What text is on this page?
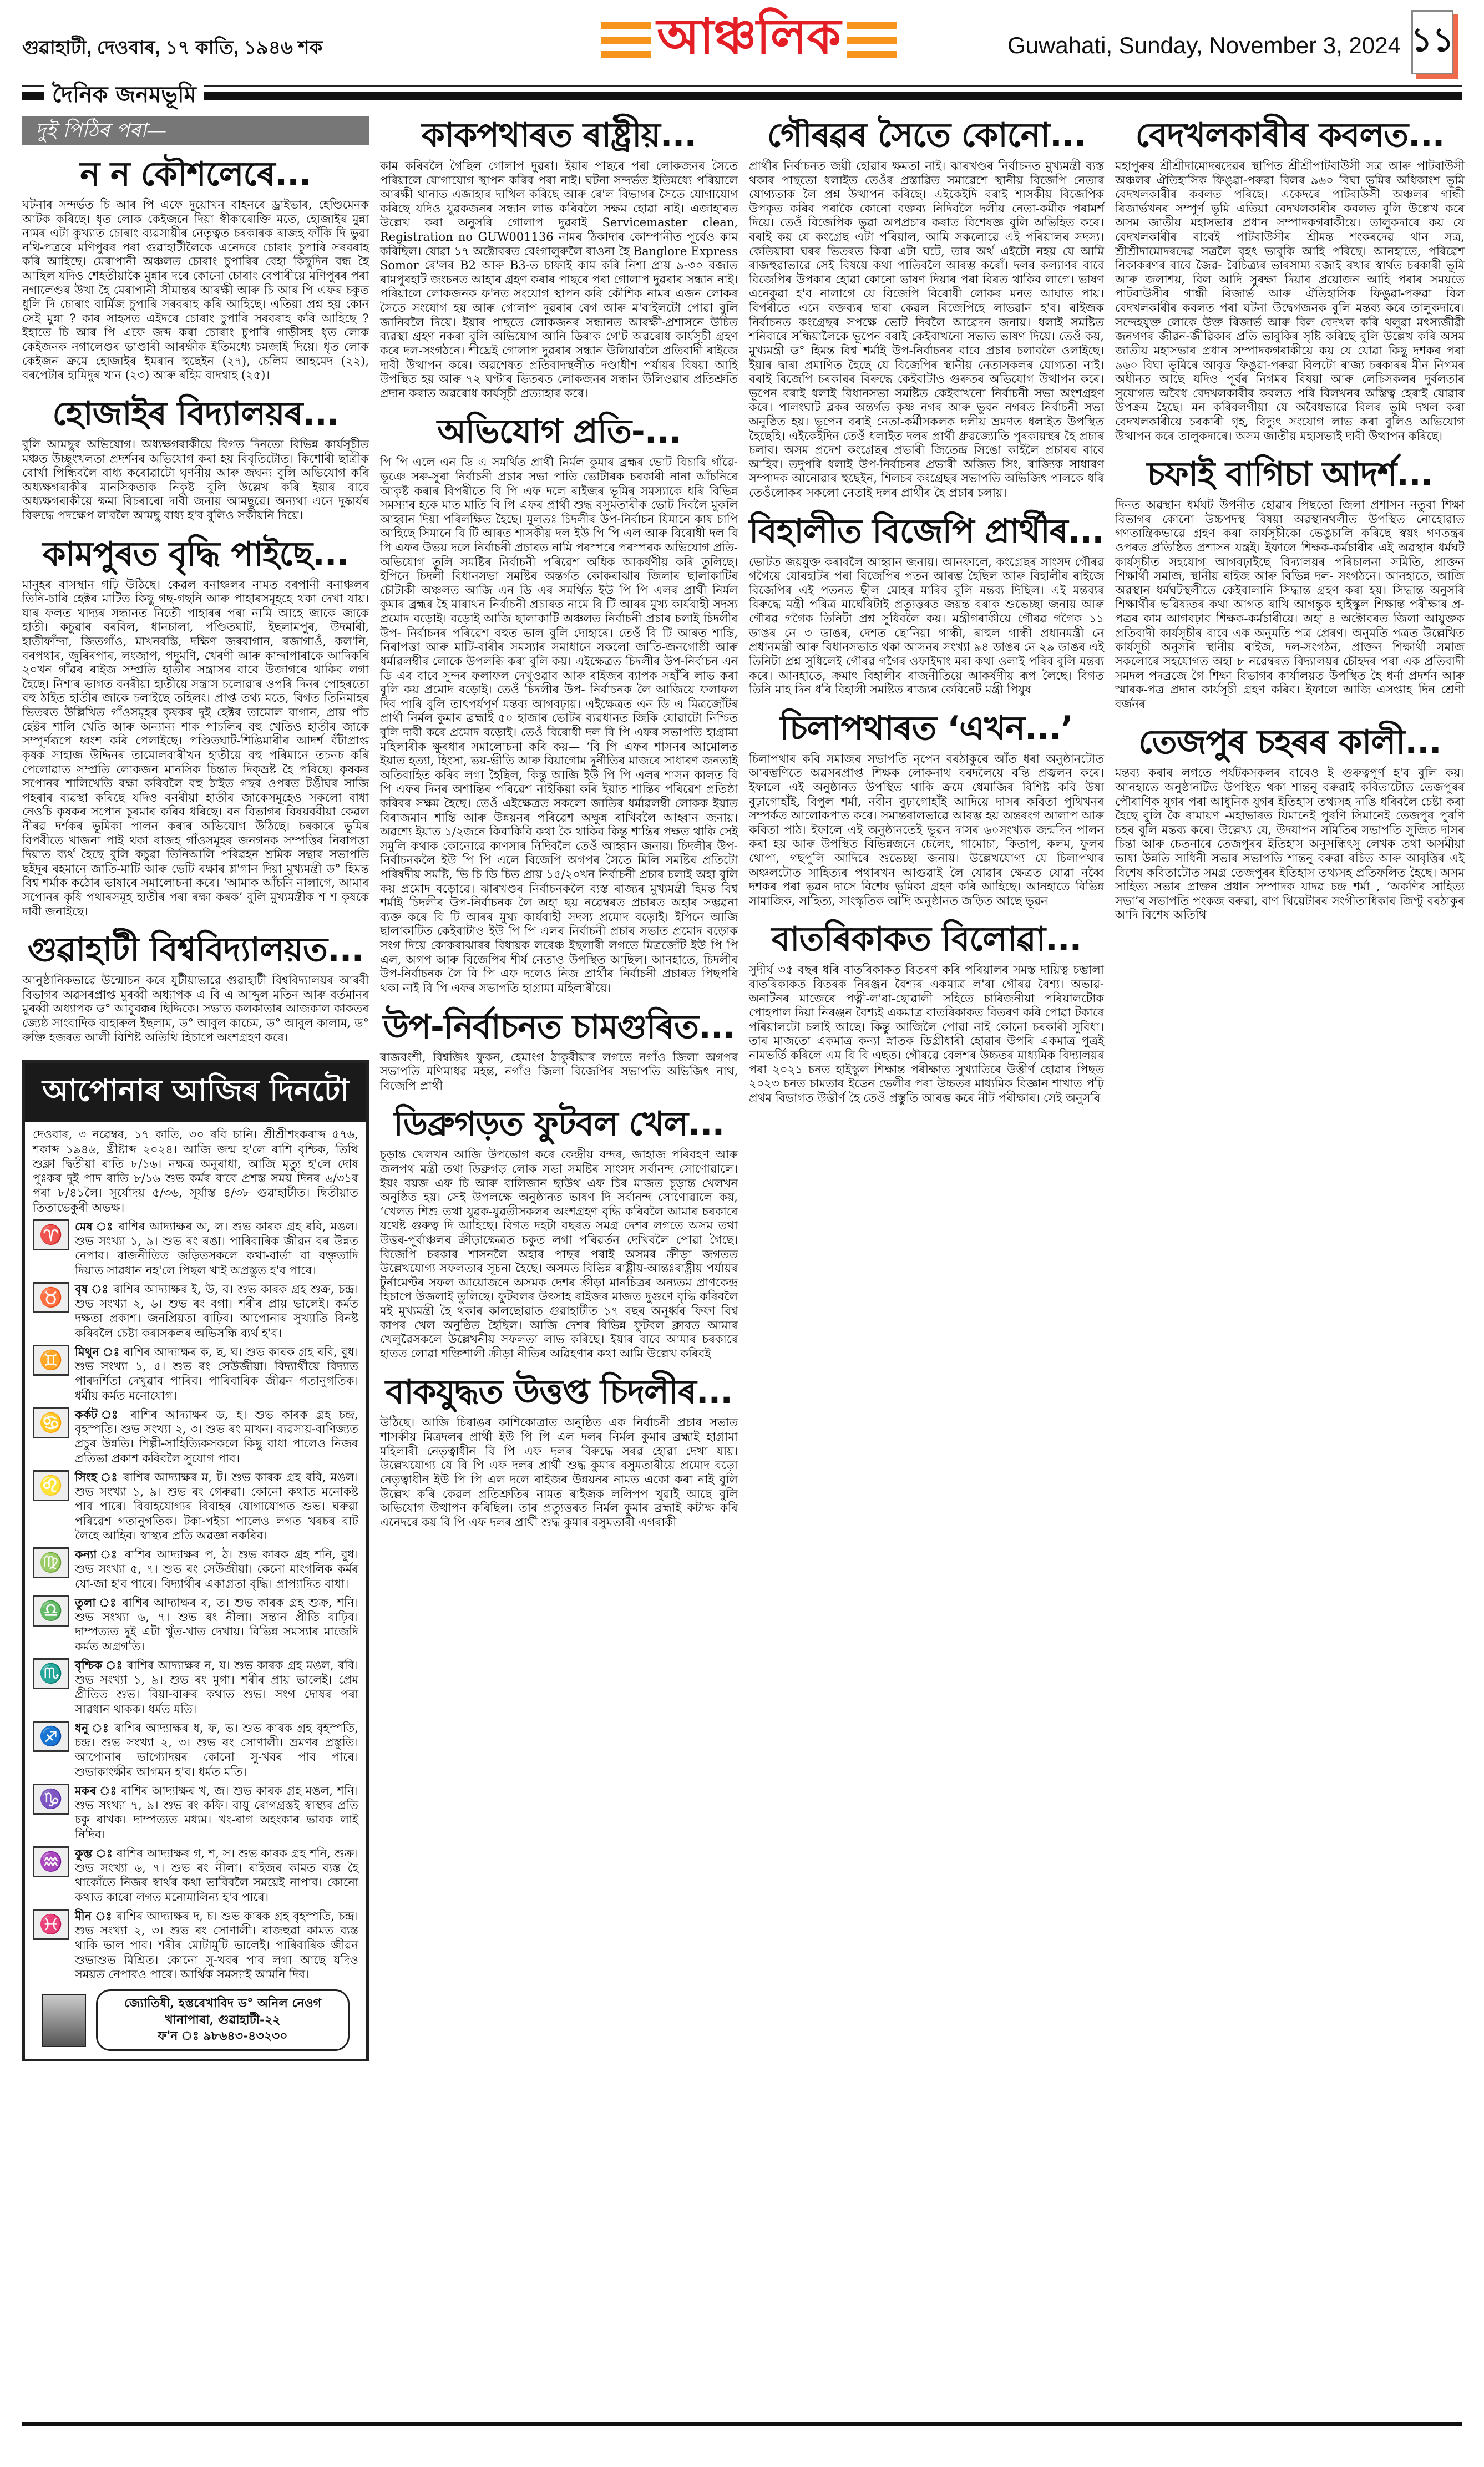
গুৱাহাটী, দেওবাৰ, ১৭ কাতি, ১৯৪৬ শক	আঞ্চলিক	Guwahati, Sunday, November 3, 2024 ১১
দৈনিক জনমভূমি
দুই পিঠিৰ পৰা—
ন ন কৌশলেৰে...

ঘটনাৰ সন্দৰ্ভত চি আৰ পি এফে দুয়োখন বাহনৰে ড্ৰাইভাৰ, হেণ্ডিমেনক আটক কৰিছে। ধৃত লোক কেইজনে দিয়া স্বীকাৰোক্তি মতে, হোজাইৰ মুন্না নামৰ এটা কুখ্যাত চোৰাং ব্যৱসায়ীৰ নেতৃত্বত চৰকাৰক ৰাজহ ফাঁকি দি ভুৱা নথি-পত্ৰৰে মণিপুৰৰ পৰা গুৱাহাটীলৈকে এনেদৰে চোৰাং চুপাৰি সৰবৰাহ কৰি আহিছে। মেৰাপানী অঞ্চলত চোৰাং চুপাৰিৰ বেহা কিছুদিন বন্ধ হৈ আছিল যদিও শেহতীয়াকৈ মুন্নাৰ দৰে কোনো চোৰাং বেপাৰীয়ে মণিপুৰৰ পৰা নগালেণ্ডৰ উখা হৈ মেৰাপানী সীমান্তৰ আৰক্ষী আৰু চি আৰ পি এফৰ চকুত ধুলি দি চোৰাং বাৰ্মিজ চুপাৰি সৰবৰাহ কৰি আহিছে। এতিয়া প্ৰশ্ন হয় কোন সেই মুন্না ? কাৰ সাহসত এইদৰে চোৰাং চুপাৰি সৰবৰাহ কৰি আহিছে ? ইহাতে চি আৰ পি এফে জব্দ কৰা চোৰাং চুপাৰি গাড়ীসহ ধৃত লোক কেইজনক নগালেণ্ডৰ ভাণ্ডাৰী আৰক্ষীক ইতিমধ্যে চমজাই দিয়ে। ধৃত লোক কেইজন ক্ৰমে হোজাইৰ ইমৰান হুছেইন (২৭), চেলিম আহমেদ (২২), বৰপেটাৰ হামিদুৰ খান (২৩) আৰু ৰহিম বাদশ্বাহ (২৫)।

হোজাইৰ বিদ্যালয়ৰ...

বুলি আমছুৰ অভিযোগ। অধ্যক্ষগৰাকীয়ে বিগত দিনতো বিভিন্ন কাৰ্যসূচীত মঞ্চত উচ্ছৃংখলতা প্ৰদৰ্শনৰ অভিযোগ কৰা হয় বিবৃতিটোত। কিশোৰী ছাত্ৰীক বোৰ্খা পিন্ধিবলৈ বাধ্য কৰোৱাটো ঘৃণনীয় আৰু জঘন্য বুলি অভিযোগ কৰি অধ্যক্ষগৰাকীৰ মানসিকতাক নিকৃষ্ট বুলি উল্লেখ কৰি ইয়াৰ বাবে অধ্যক্ষগৰাকীয়ে ক্ষমা বিচৰাৰো দাবী জনায় আমছুৱে। অন্যথা এনে দুষ্কাৰ্যৰ বিৰুদ্ধে পদক্ষেপ ল'বলৈ আমছু বাধ্য হ'ব বুলিও সকীয়নি দিয়ে।

কামপুৰত বৃদ্ধি পাইছে...

মানুহৰ বাসস্থান গঢ়ি উঠিছে। কেৱল বনাঞ্চলৰ নামত বৰপানী বনাঞ্চলৰ তিনি-চাৰি হেক্টৰ মাটিত কিছু গছ-গছনি আৰু পাহাৰসমূহহে থকা দেখা যায়। যাৰ ফলত খাদ্যৰ সন্ধানত নিতৌ পাহাৰৰ পৰা নামি আহে জাকে জাকে হাতী। কচুৱাৰ বৰবিল, ধানচালা, পণ্ডিতঘাট, ইছলামপুৰ, উদমাৰী, হাতীফাঁন্দা, জিতগাঁও, মাখনবস্তি, দক্ষিণ জৰবাগান, ৰজাগাওঁ, কল'নি, বৰপথাৰ, জুৰিৰপাৰ, লংজাপ, পদুমণি, খেৰণী আৰু কান্দাপাৰাকে আদিকৰি ২০খন গাঁৱৰ ৰাইজ সম্প্ৰতি হাতীৰ সন্ত্ৰাসৰ বাবে উজাগৰে থাকিব লগা হৈছে। নিশাৰ ভাগত বনৰীয়া হাতীয়ে সন্ত্ৰাস চলোৱাৰ ওপৰি দিনৰ পোহৰতো বহু ঠাইত হাতীৰ জাকে চলাইছে তহিলং। প্ৰাপ্ত তথ্য মতে, বিগত তিনিমাহৰ ভিতৰত উল্লিখিত গাঁওসমূহৰ কৃষকৰ দুই হেক্টৰ তামোল বাগান, প্ৰায় পাঁচ হেক্টৰ শালি খেতি আৰু অন্যান্য শাক পাচলিৰ বহু খেতিও হাতীৰ জাকে সম্পূৰ্ণৰূপে ধ্বংশ কৰি পেলাইছে। পণ্ডিতঘাট-শিঙিমাৰীৰ আদৰ্শ বঁটাপ্ৰাপ্ত কৃষক সাহাজ উদ্দিনৰ তামোলবাৰীখন হাতীয়ে বহু পৰিমানে তচনচ কৰি পেলোৱাত সম্প্ৰতি লোকজন মানসিক চিন্তাত দিক্‌ভ্ৰষ্ট হৈ পৰিছে। কৃষকৰ সপোনৰ শালিখেতি ৰক্ষা কৰিবলৈ বহু ঠাইত গছৰ ওপৰত টঙীঘৰ সাজি পহৰাৰ ব্যৱস্থা কৰিছে যদিও বনৰীয়া হাতীৰ জাকেসমূহেও সকলো বাধা নেওচি কৃষকৰ সপোন চূৰমাৰ কৰিব ধৰিছে। বন বিভাগৰ বিষয়ববীয়া কেৱল নীৰৱ দৰ্শকৰ ভূমিকা পালন কৰাৰ অভিযোগ উঠিছে। চৰকাৰে ভূমিৰ বিপৰীতে খাজনা পাই থকা ৰাজহ গাঁওসমূহৰ জনগনক সম্পত্তিৰ নিৰাপত্তা দিয়াত ব্যৰ্থ হৈছে বুলি কচুৱা তিনিআলি পৰিৱহন শ্ৰমিক সন্থাৰ সভাপতি ছইদুৰ ৰহমানে জাতি-মাটি আৰু ভেটি ৰক্ষাৰ শ্ল'গান দিয়া মুখ্যমন্ত্ৰী ড° হিমন্ত বিশ্ব শৰ্মাক কঠোৰ ভাষাৰে সমালোচনা কৰে। ‘আমাক আঁচনি নালাগে, আমাৰ সপোনৰ কৃষি পথাৰসমূহ হাতীৰ পৰা ৰক্ষা কৰক’ বুলি মুখ্যমন্ত্ৰীক শ শ কৃষকে দাবী জনাইছে।

গুৱাহাটী বিশ্ববিদ্যালয়ত...

আনুষ্ঠানিকভাৱে উন্মোচন কৰে যুটীয়াভাৱে গুৱাহাটী বিশ্ববিদ্যালয়ৰ আৰবী বিভাগৰ অৱসৰপ্ৰাপ্ত মুৰব্বী অধ্যাপক এ বি এ আব্দুল মতিন আৰু বৰ্তমানৰ মুৰব্বী অধ্যাপক ড° আবুবক্কৰ ছিদ্দিকে। সভাত কলকাতাৰ আজকাল কাকতৰ জ্যেষ্ঠ সাংবাদিক বাহাৰুল ইছলাম, ড° আবুল কাচেম, ড° আবুল কালাম, ড° ৰুক্তি হজৰত আলী বিশিষ্ট অতিথি হিচাপে অংশগ্ৰহণ কৰে।

আপোনাৰ আজিৰ দিনটো

দেওবাৰ, ৩ নৱেম্বৰ, ১৭ কাতি, ৩০ ৰবি চানি। শ্ৰীশ্ৰীশংকৰাব্দ ৫৭৬, শকাব্দ ১৯৪৬, খ্ৰীষ্টাব্দ ২০২৪। আজি জন্ম হ'লে ৰাশি বৃশ্চিক, তিথি শুক্লা দ্বিতীয়া ৰাতি ৮/১৬। নক্ষত্ৰ অনুৰাধা, আজি মৃত্যু হ'লে দোষ পুঃকৰ দুই পাদ ৰাতি ৮/১৬ শুভ কৰ্মৰ বাবে প্ৰশস্ত সময় দিনৰ ৬/৩১ৰ পৰা ৮/৪১লৈ। সূৰ্যোদয় ৫/৩৬, সূৰ্যাস্ত ৪/৩৮ গুৱাহাটীত। দ্বিতীয়াত তিতাভেকুৰী অভক্ষ।

♈	মেষ ঃ ৰাশিৰ আদ্যাক্ষৰ অ, ল। শুভ কাৰক গ্ৰহ ৰবি, মঙল। শুভ সংখ্যা ১, ৯। শুভ ৰং ৰঙা। পাৰিবাৰিক জীৱন বৰ উন্নত নেপাব। ৰাজনীতিত জড়িতসকলে কথা-বাৰ্তা বা বক্তৃতাদি দিয়াত সাৱধান নহ'লে পিছল খাই অপ্ৰস্তুত হ'ব পাৰে।

♉	বৃষ ঃ ৰাশিৰ আদ্যাক্ষৰ ই, উ, ব। শুভ কাৰক গ্ৰহ শুক্ৰ, চন্দ্ৰ। শুভ সংখ্যা ২, ৬। শুভ ৰং বগা। শৰীৰ প্ৰায় ভালেই। কৰ্মত দক্ষতা প্ৰকাশ। জনপ্ৰিয়তা বাঢ়িব। আপোনাৰ সুখ্যাতি বিনষ্ট কৰিবলৈ চেষ্টা কৰাসকলৰ অভিসন্ধি ব্যৰ্থ হ'ব।

♊	মিথুন ঃ ৰাশিৰ আদ্যাক্ষৰ ক, ছ, ঘ। শুভ কাৰক গ্ৰহ ৰবি, বুধ। শুভ সংখ্যা ১, ৫। শুভ ৰং সেউজীয়া। বিদ্যাৰ্থীয়ে বিদ্যাত পাৰদৰ্শিতা দেখুৱাব পাৰিব। পাৰিবাৰিক জীৱন গতানুগতিক। ধৰ্মীয় কৰ্মত মনোযোগ।

♋	কৰ্কট ঃ ৰাশিৰ আদ্যাক্ষৰ ড, হ। শুভ কাৰক গ্ৰহ চন্দ্ৰ, বৃহস্পতি। শুভ সংখ্যা ২, ৩। শুভ ৰং মাখন। ব্যৱসায়-বাণিজ্যত প্ৰচুৰ উন্নতি। শিল্পী-সাহিত্যিকসকলে কিছু বাধা পালেও নিজৰ প্ৰতিভা প্ৰকাশ কৰিবলৈ সুযোগ পাব।

♌	সিংহ ঃ ৰাশিৰ আদ্যাক্ষৰ ম, ট। শুভ কাৰক গ্ৰহ ৰবি, মঙল। শুভ সংখ্যা ১, ৯। শুভ ৰং গেৰুৱা। কোনো কথাত মনোকষ্ট পাব পাৰে। বিবাহযোগ্যৰ বিবাহৰ যোগাযোগত শুভ। ঘৰুৱা পৰিৱেশ গতানুগতিক। টকা-পইচা পালেও লগত খৰচৰ বাট লৈহে আহিব। স্বাস্থ্যৰ প্ৰতি অৱজ্ঞা নকৰিব।

♍	কন্যা ঃ ৰাশিৰ আদ্যাক্ষৰ প, ঠ। শুভ কাৰক গ্ৰহ শনি, বুধ। শুভ সংখ্যা ৫, ৭। শুভ ৰং সেউজীয়া। কেনো মাংগলিক কৰ্মৰ যো-জা হ'ব পাৰে। বিদ্যাৰ্থীৰ একাগ্ৰতা বৃদ্ধি। প্ৰাপ্যাদিত বাধা।

♎	তুলা ঃ ৰাশিৰ আদ্যাক্ষৰ ৰ, ত। শুভ কাৰক গ্ৰহ শুক্ৰ, শনি। শুভ সংখ্যা ৬, ৭। শুভ ৰং নীলা। সন্তান প্ৰীতি বাঢ়িব। দাম্পত্যত দুই এটা খুঁত-খাত দেখায়। বিভিন্ন সমস্যাৰ মাজেদি কৰ্মত অগ্ৰগতি।

♏	বৃশ্চিক ঃ ৰাশিৰ আদ্যাক্ষৰ ন, য। শুভ কাৰক গ্ৰহ মঙল, ৰবি। শুভ সংখ্যা ১, ৯। শুভ ৰং মুগা। শৰীৰ প্ৰায় ভালেই। প্ৰেম প্ৰীতিত শুভ। বিয়া-বাৰুৰ কথাত শুভ। সংগ দোষৰ পৰা সাৱধান থাকক। ধৰ্মত মতি।

♐	ধনু ঃ ৰাশিৰ আদ্যাক্ষৰ ধ, ফ, ভ। শুভ কাৰক গ্ৰহ বৃহস্পতি, চন্দ্ৰ। শুভ সংখ্যা ২, ৩। শুভ ৰং সোণালী। ভ্ৰমণৰ প্ৰস্তুতি। আপোনাৰ ভাগ্যোদয়ৰ কোনো সু-খবৰ পাব পাৰে। শুভাকাংক্ষীৰ আগমন হ'ব। ধৰ্মত মতি।

♑	মকৰ ঃ ৰাশিৰ আদ্যাক্ষৰ খ, জ। শুভ কাৰক গ্ৰহ মঙল, শনি। শুভ সংখ্যা ৭, ৯। শুভ ৰং কফি। বায়ু ৰোগগ্ৰস্তই স্বাস্থ্যৰ প্ৰতি চকু ৰাখক। দাম্পত্যত মধ্যম। খং-ৰাগ অহংকাৰ ভাবক লাই নিদিব।

♒	কুম্ভ ঃ ৰাশিৰ আদ্যাক্ষৰ গ, শ, স। শুভ কাৰক গ্ৰহ শনি, শুক্ৰ। শুভ সংখ্যা ৬, ৭। শুভ ৰং নীলা। ৰাইজৰ কামত ব্যস্ত হৈ থাকোঁতে নিজৰ স্বাৰ্থৰ কথা ভাবিবলৈ সময়েই নাপাব। কোনো কথাত কাৰো লগত মনোমালিন্য হ'ব পাৰে।

♓	মীন ঃ ৰাশিৰ আদ্যাক্ষৰ দ, চ। শুভ কাৰক গ্ৰহ বৃহস্পতি, চন্দ্ৰ। শুভ সংখ্যা ২, ৩। শুভ ৰং সোণালী। ৰাজহুৱা কামত ব্যস্ত থাকি ভাল পাব। শৰীৰ মোটামুটি ভালেই। পাৰিবাৰিক জীৱন শুভাশুভ মিশ্ৰিত। কোনো সু-খবৰ পাব লগা আছে যদিও সময়ত নেপাবও পাৰে। আৰ্থিক সমস্যাই আমনি দিব।

জ্যোতিষী, হস্তৰেখাবিদ ড° অনিল নেওগ
খানাপাৰা, গুৱাহাটী-২২
ফ'ন ঃ ৯৮৬৪৩-৪৩২৩০
কাকপথাৰত ৰাষ্ট্ৰীয়...

কাম কৰিবলৈ গৈছিল গোলাপ দুৱৰা। ইয়াৰ পাছৰে পৰা লোকজনৰ সৈতে পৰিয়ালে যোগাযোগ স্থাপন কৰিব পৰা নাই। ঘটনা সন্দৰ্ভত ইতিমধ্যে পৰিয়ালে আৰক্ষী থানাত এজাহাৰ দাখিল কৰিছে আৰু ৰে'ল বিভাগৰ সৈতে যোগাযোগ কৰিছে যদিও যুৱকজনৰ সন্ধান লাভ কৰিবলৈ সক্ষম হোৱা নাই। এজাহাৰত উল্লেখ কৰা অনুসৰি গোলাপ দুৱৰাই Servicemaster clean, Registration no GUW001136 নামৰ ঠিকাদাৰ কোম্পানীত পূৰ্বেও কাম কৰিছিল। যোৱা ১৭ অক্টোবৰত বেংগালুৰুলৈ ৰাওনা হৈ Banglore Express Somor ৰে'লৰ B2 আৰু B3-ত চাফাই কাম কৰি নিশা প্ৰায় ৯-৩০ বজাত ৰামপুৰহাট জংচনত আহাৰ গ্ৰহণ কৰাৰ পাছৰে পৰা গোলাপ দুৱৰাৰ সন্ধান নাই। পৰিয়ালে লোকজনক ফ'নত সংযোগ স্থাপন কৰি কৌশিক নামৰ এজন লোকৰ সৈতে সংযোগ হয় আৰু গোলাপ দুৱৰাৰ বেগ আৰু ম'বাইলটো পোৱা বুলি জানিবলৈ দিয়ে। ইয়াৰ পাছতে লোকজনৰ সন্ধানত আৰক্ষী-প্ৰশাসনে উচিত ব্যৱস্থা গ্ৰহণ নকৰা বুলি অভিযোগ আনি ডিৰাক গে'ট অৱৰোধ কাৰ্যসূচী গ্ৰহণ কৰে দল-সংগঠনে। শীঘ্ৰেই গোলাপ দুৱৰাৰ সন্ধান উলিয়াবলৈ প্ৰতিবাদী ৰাইজে দাবী উত্থাপন কৰে। অৱশেষত প্ৰতিবাদস্থলীত দণ্ডাধীশ পৰ্যায়ৰ বিষয়া আহি উপস্থিত হয় আৰু ৭২ ঘণ্টাৰ ভিতৰত লোকজনৰ সন্ধান উলিওৱাৰ প্ৰতিশ্ৰুতি প্ৰদান কৰাত অৱৰোধ কাৰ্যসূচী প্ৰত্যাহাৰ কৰে।

অভিযোগ প্ৰতি-...

পি পি এলে এন ডি এ সমৰ্থিত প্ৰাৰ্থী নিৰ্মল কুমাৰ ব্ৰহ্মৰ ভোট বিচাৰি গাঁৱে-ভূঞে সৰু-সুৰা নিৰ্বাচনী প্ৰচাৰ সভা পাতি ভোটাৰক চৰকাৰী নানা আঁচনিৰে আকৃষ্ট কৰাৰ বিপৰীতে বি পি এফ দলে ৰাইজৰ ভূমিৰ সমস্যাকে ধৰি বিভিন্ন সমস্যাৰ হকে মাত মাতি বি পি এফৰ প্ৰাৰ্থী শুদ্ধ বসুমতাৰীক ভোট দিবলৈ মুকলি আহ্বান দিয়া পৰিলক্ষিত হৈছে। মুলতঃ চিদলীৰ উপ-নিৰ্বাচন যিমানে কাষ চাপি আহিছে সিমানে বি টি আৰত শাসকীয় দল ইউ পি পি এল আৰু বিৰোধী দল বি পি এফৰ উভয় দলে নিৰ্বাচনী প্ৰচাৰত নামি পৰস্পৰে পৰস্পৰক অভিযোগ প্ৰতি-অভিযোগ তুলি সমষ্টিৰ নিৰ্বাচনী পৰিৱেশ অধিক আকৰ্ষণীয় কৰি তুলিছে। ইপিনে চিদলী বিধানসভা সমষ্টিৰ অন্তৰ্গত কোকৰাঝাৰ জিলাৰ ছালাকাটিৰ চৌটাকী অঞ্চলত আজি এন ডি এৰ সমৰ্থিত ইউ পি পি এলৰ প্ৰাৰ্থী নিৰ্মল কুমাৰ ব্ৰহ্মৰ হৈ মাৰাথন নিৰ্বাচনী প্ৰচাৰত নামে বি টি আৰৰ মুখ্য কাৰ্যবাহী সদস্য প্ৰমোদ বড়োই। বড়োই আজি ছালাকাটি অঞ্চলত নিৰ্বাচনী প্ৰচাৰ চলাই চিদলীৰ উপ- নিৰ্বাচনৰ পৰিৱেশ বহুত ভাল বুলি দোহাৰে। তেওঁ বি টি আৰত শান্তি, নিৰাপত্তা আৰু মাটি-বাৰীৰ সমস্যাৰ সমাধানে সকলো জাতি-জনগোষ্ঠী আৰু ধৰ্মাৱলম্বীৰ লোকে উপলব্ধি কৰা বুলি কয়। এইক্ষেত্ৰত চিদলীৰ উপ-নিৰ্বাচন এন ডি এৰ বাবে সুন্দৰ ফলাফল দেখুওৱাব আৰু ৰাইজৰ ব্যাপক সহাঁৰি লাভ কৰা বুলি কয় প্ৰমোদ বড়োই। তেওঁ চিদলীৰ উপ- নিৰ্বাচনক লৈ আজিয়ে ফলাফল দিব পাৰি বুলি তাৎপৰ্যপূৰ্ণ মন্তব্য আগবঢ়ায়। এইক্ষেত্ৰত এন ডি এ মিত্ৰজোঁটৰ প্ৰাৰ্থী নিৰ্মল কুমাৰ ব্ৰহ্মাই ৫০ হাজাৰ ভোটৰ ব্যৱধানত জিকি যোৱাটো নিশ্চিত বুলি দাবী কৰে প্ৰমোদ বড়োই। তেওঁ বিৰোধী দল বি পি এফৰ সভাপতি হাগ্ৰামা মহিলাৰীক ক্ষুৰধাৰ সমালোচনা কৰি কয়— ‘বি পি এফৰ শাসনৰ আমোলত ইয়াত হত্যা, হিংসা, ভয়-ভীতি আৰু বিয়াগোম দুৰ্নীতিৰ মাজৰে সাধাৰণ জনতাই অতিবাহিত কৰিব লগা হৈছিল, কিন্তু আজি ইউ পি পি এলৰ শাসন কালত বি পি এফৰ দিনৰ অশান্তিৰ পৰিৱেশ নাইকিয়া কৰি ইয়াত শান্তিৰ পৰিৱেশ প্ৰতিষ্ঠা কৰিবৰ সক্ষম হৈছে। তেওঁ এইক্ষেত্ৰত সকলো জাতিৰ ধৰ্মাৱলম্বী লোকক ইয়াত বিৰাজমান শান্তি আৰু উন্নয়নৰ পৰিৱেশ অক্ষুন্ন ৰাখিবলৈ আহ্বান জনায়। অৱশ্যে ইয়াত ১/২জনে কিবাকিবি কথা কৈ থাকিব কিন্তু শান্তিৰ পক্ষত থাকি সেই সমুলি কথাক কোনোৱে কাণসাৰ নিদিবলৈ তেওঁ আহ্বান জনায়। চিদলীৰ উপ-নিৰ্বাচনকলৈ ইউ পি পি এলে বিজেপি অগপৰ সৈতে মিলি সমষ্টিৰ প্ৰতিটো পৰিষদীয় সমষ্টি, ভি চি ডি চিত প্ৰায় ১৫/২০খন নিৰ্বাচনী প্ৰচাৰ চলাই অহা বুলি কয় প্ৰমোদ বড়োৱে। ঝাৰখণ্ডৰ নিৰ্বাচনকলৈ ব্যস্ত ৰাজ্যৰ মুখ্যমন্ত্ৰী হিমন্ত বিশ্ব শৰ্মাই চিদলীৰ উপ-নিৰ্বাচনক লৈ অহা ছয় নৱেম্বৰত প্ৰচাৰত অহাৰ সম্ভৱনা ব্যক্ত কৰে বি টি আৰৰ মুখ্য কাৰ্যবাহী সদস্য প্ৰমোদ বড়োই। ইপিনে আজি ছালাকাটিত কেইবাটাও ইউ পি পি এলৰ নিৰ্বাচনী প্ৰচাৰ সভাত প্ৰমোদ বড়োক সংগ দিয়ে কোকৰাঝাৰৰ বিধায়ক লৰেঞ্চ ইছলাৰী লগতে মিত্ৰজোঁট ইউ পি পি এল, অগপ আৰু বিজেপিৰ শীৰ্ষ নেতাও উপস্থিত আছিল। আনহাতে, চিদলীৰ উপ-নিৰ্বাচনক লৈ বি পি এফ দলেও নিজ প্ৰাৰ্থীৰ নিৰ্বাচনী প্ৰচাৰত পিছপৰি থকা নাই বি পি এফৰ সভাপতি হাগ্ৰামা মহিলাৰীয়ে।

উপ-নিৰ্বাচনত চামগুৰিত...

ৰাজবংশী, বিশ্বজিৎ ফুকন, হেমাংগ ঠাকুৰীয়াৰ লগতে নগাঁও জিলা অগপৰ সভাপতি মণিমাধৱ মহন্ত, নগাঁও জিলা বিজেপিৰ সভাপতি অভিজিৎ নাথ, বিজেপি প্ৰাৰ্থী

ডিব্ৰুগড়ত ফুটবল খেল...

চূড়ান্ত খেলখন আজি উপভোগ কৰে কেন্দ্ৰীয় বন্দৰ, জাহাজ পৰিবহণ আৰু জলপথ মন্ত্ৰী তথা ডিব্ৰুগড় লোক সভা সমষ্টিৰ সাংসদ সৰ্বানন্দ সোণোৱালে। ইয়ং বয়জ এফ চি আৰু বালিজান ছাউথ এফ চিৰ মাজত চূড়ান্ত খেলখন অনুষ্ঠিত হয়। সেই উপলক্ষে অনুষ্ঠানত ভাষণ দি সৰ্বানন্দ সোণোৱালে কয়, ‘খেলত শিশু তথা যুৱক-যুৱতীসকলৰ অংশগ্ৰহণ বৃদ্ধি কৰিবলৈ আমাৰ চৰকাৰে যথেষ্ট গুৰুত্ব দি আহিছে। বিগত দহটা বছৰত সমগ্ৰ দেশৰ লগতে অসম তথা উত্তৰ-পূৰ্বাঞ্চলৰ ক্ৰীড়াক্ষেত্ৰত চকুত লগা পৰিৱৰ্তন দেখিবলৈ পোৱা গৈছে। বিজেপি চৰকাৰ শাসনলৈ অহাৰ পাছৰ পৰাই অসমৰ ক্ৰীড়া জগতত উল্লেখযোগ্য সফলতাৰ সূচনা হৈছে। অসমত বিভিন্ন ৰাষ্ট্ৰীয়-আন্তঃৰাষ্ট্ৰীয় পৰ্যায়ৰ টুৰ্নামেণ্টৰ সফল আয়োজনে অসমক দেশৰ ক্ৰীড়া মানচিত্ৰৰ অন্যতম প্ৰাণকেন্দ্ৰ হিচাপে উজলাই তুলিছে। ফুটবলৰ উৎসাহ ৰাইজৰ মাজত দুগুণে বৃদ্ধি কৰিবলৈ মই মুখ্যমন্ত্ৰী হৈ থকাৰ কালছোৱাত গুৱাহাটীত ১৭ বছৰ অনূৰ্ধ্বৰ ফিফা বিশ্ব কাপৰ খেল অনুষ্ঠিত হৈছিল। আজি দেশৰ বিভিন্ন ফুটবল ক্লাবত আমাৰ খেলুৱৈসকলে উল্লেখনীয় সফলতা লাভ কৰিছে। ইয়াৰ বাবে আমাৰ চৰকাৰে হাতত লোৱা শক্তিশালী ক্ৰীড়া নীতিৰ অৱিহণাৰ কথা আমি উল্লেখ কৰিবই

বাকযুদ্ধত উত্তপ্ত চিদলীৰ...

উঠিছে। আজি চিৰাঙৰ কাশিকোত্ৰাত অনুষ্ঠিত এক নিৰ্বাচনী প্ৰচাৰ সভাত শাসকীয় মিত্ৰদলৰ প্ৰাৰ্থী ইউ পি পি এল দলৰ নিৰ্মল কুমাৰ ব্ৰহ্মাই হাগ্ৰামা মহিলাৰী নেতৃত্বাধীন বি পি এফ দলৰ বিৰুদ্ধে সৰৱ হোৱা দেখা যায়। উল্লেখযোগ্য যে বি পি এফ দলৰ প্ৰাৰ্থী শুদ্ধ কুমাৰ বসুমতাৰীয়ে প্ৰমোদ বড়ো নেতৃত্বাধীন ইউ পি পি এল দলে ৰাইজৰ উন্নয়নৰ নামত একো কৰা নাই বুলি উল্লেখ কৰি কেৱল প্ৰতিশ্ৰুতিৰ নামত ৰাইজক ললিপপ খুৱাই আছে বুলি অভিযোগ উত্থাপন কৰিছিল। তাৰ প্ৰত্যুত্তৰত নিৰ্মল কুমাৰ ব্ৰহ্মাই কটাক্ষ কৰি এনেদৰে কয় বি পি এফ দলৰ প্ৰাৰ্থী শুদ্ধ কুমাৰ বসুমতাৰী এগৰাকী

গৌৰৱৰ সৈতে কোনো...

প্ৰাৰ্থীৰ নিৰ্বাচনত জয়ী হোৱাৰ ক্ষমতা নাই। ঝাৰখণ্ডৰ নিৰ্বাচনত মুখ্যমন্ত্ৰী ব্যস্ত থকাৰ পাছতো ধলাইত তেওঁৰ প্ৰস্তাৱিত সমাৱেশে স্থানীয় বিজেপি নেতাৰ যোগ্যতাক লৈ প্ৰশ্ন উত্থাপন কৰিছে। এইকেইদি বৰাই শাসকীয় বিজেপিক উপকৃত কৰিব পৰাকৈ কোনো বক্তব্য নিদিবলৈ দলীয় নেতা-কৰ্মীক পৰামৰ্শ দিয়ে। তেওঁ বিজেপিক ভুৱা অপপ্ৰচাৰ কৰাত বিশেষজ্ঞ বুলি অভিহিত কৰে। বৰাই কয় যে কংগ্ৰেছ এটা পৰিয়াল, আমি সকলোৱে এই পৰিয়ালৰ সদস্য। কেতিয়াবা ঘৰৰ ভিতৰত কিবা এটা ঘটে, তাৰ অৰ্থ এইটো নহয় যে আমি ৰাজহুৱাভাৱে সেই বিষয়ে কথা পাতিবলৈ আৰম্ভ কৰোঁ। দলৰ কল্যাণৰ বাবে বিজেপিৰ উপকাৰ হোৱা কোনো ভাষণ দিয়াৰ পৰা বিৰত থাকিব লাগে। ভাষণ এনেকুৱা হ'ব নালাগে যে বিজেপি বিৰোধী লোকৰ মনত আঘাত পায়। বিপৰীতে এনে বক্তব্যৰ দ্বাৰা কেৱল বিজেপিহে লাভৱান হ'ব। ৰাইজক নিৰ্বাচনত কংগ্ৰেছৰ সপক্ষে ভোট দিবলৈ আৱেদন জনায়। ধলাই সমষ্টিত শনিবাৰে সন্ধিয়ালৈকে ভূপেন বৰাই কেইবাখনো সভাত ভাষণ দিয়ে। তেওঁ কয়, মুখ্যমন্ত্ৰী ড° হিমন্ত বিশ্ব শৰ্মাই উপ-নিৰ্বাচনৰ বাবে প্ৰচাৰ চলাবলৈ ওলাইছে। ইয়াৰ দ্বাৰা প্ৰমাণিত হৈছে যে বিজেপিৰ স্থানীয় নেতাসকলৰ যোগ্যতা নাই। বৰাই বিজেপি চৰকাৰৰ বিৰুদ্ধে কেইবাটাও গুৰুতৰ অভিযোগ উত্থাপন কৰে। ভূপেন বৰাই ধলাই বিধানসভা সমষ্টিত কেইবাখনো নিৰ্বাচনী সভা অংশগ্ৰহণ কৰে। পালংঘাট ব্লকৰ অন্তৰ্গত কৃষ্ণ নগৰ আৰু ভুবন নগৰত নিৰ্বাচনী সভা অনুষ্ঠিত হয়। ভূপেন বৰাই নেতা-কৰ্মীসকলক দলীয় ভ্ৰমণত ধলাইত উপস্থিত হৈছেহি। এইকেইদিন তেওঁ ধলাইত দলৰ প্ৰাৰ্থী ধ্ৰুৱজ্যোতি পুৰকায়স্থৰ হৈ প্ৰচাৰ চলাব। অসম প্ৰদেশ কংগ্ৰেছৰ প্ৰভাৰী জিতেন্দ্ৰ সিঙো কাইলৈ প্ৰচাৰৰ বাবে আহিব। তদুপৰি ধলাই উপ-নিৰ্বাচনৰ প্ৰভাৰী অজিত সিং, ৰাজ্যিক সাধাৰণ সম্পাদক আনোৱাৰ হুছেইন, শিলচৰ কংগ্ৰেছৰ সভাপতি অভিজিৎ পালকে ধৰি তেওঁলোকৰ সকলো নেতাই দলৰ প্ৰাৰ্থীৰ হৈ প্ৰচাৰ চলায়।

বিহালীত বিজেপি প্ৰাৰ্থীৰ...

ভোটত জয়যুক্ত কৰাবলৈ আহ্বান জনায়। আনফালে, কংগ্ৰেছৰ সাংসদ গৌৰৱ গগৈয়ে যোৰহাটৰ পৰা বিজেপিৰ পতন আৰম্ভ হৈছিল আৰু বিহালীৰ ৰাইজে বিজেপিৰ এই পতনত ছীল মোহৰ মাৰিব বুলি মন্তব্য দিছিল। এই মন্তব্যৰ বিৰুদ্ধে মন্ত্ৰী পৰিত্ৰ মাৰ্ঘেৰিটাই প্ৰত্যুত্তৰত জয়ন্ত বৰাক শুভেচ্ছা জনায় আৰু গৌৰৱ গগৈক তিনিটা প্ৰশ্ন সুধিবলৈ কয়। মন্ত্ৰীগৰাকীয়ে গৌৰৱ গগৈক ১১ ডাঙৰ নে ৩ ডাঙৰ, দেশত ছোনিয়া গান্ধী, ৰাহুল গান্ধী প্ৰধানমন্ত্ৰী নে প্ৰধানমন্ত্ৰী আৰু বিধানসভাত থকা আসনৰ সংখ্যা ৯৪ ডাঙৰ নে ২৯ ডাঙৰ এই তিনিটা প্ৰশ্ন সুধিলেই গৌৰৱ গগৈৰ ওফাইদাং মৰা কথা ওলাই পৰিব বুলি মন্তব্য কৰে। আনহাতে, ক্ৰমাৎ বিহালীৰ ৰাজনীতিয়ে আকৰ্ষণীয় ৰূপ লৈছে। বিগত তিনি মাহ দিন ধৰি বিহালী সমষ্টিত ৰাজ্যৰ কেবিনেট মন্ত্ৰী পিযুষ

চিলাপথাৰত ‘এখন...’

চিলাপথাৰ কবি সমাজৰ সভাপতি নৃপেন বৰঠাকুৰে আঁত ধৰা অনুষ্ঠানটোত আৰম্ভণিতে অৱসৰপ্ৰাপ্ত শিক্ষক লোকনাথ বৰদলৈয়ে বন্তি প্ৰজ্বলন কৰে। ইফালে এই অনুষ্ঠানত উপস্থিত থাকি ক্ৰমে ধেমাজিৰ বিশিষ্ট কবি উষা বুঢ়াগোহাঁই, বিপুল শৰ্মা, নবীন বুঢ়াগোহাঁই আদিয়ে দাসৰ কবিতা পুথিখনৰ সম্পৰ্কত আলোকপাত কৰে। সমান্তৰালভাৱে আৰম্ভ হয় অন্তৰংগ আলাপ আৰু কবিতা পাঠ। ইফালে এই অনুষ্ঠানতেই ভূৱন দাসৰ ৬০সংখ্যক জন্মদিন পালন কৰা হয় আৰু উপস্থিত বিভিন্নজনে চেলেং, গামোচা, কিতাপ, কলম, ফুলৰ থোপা, গছপুলি আদিৰে শুভেচ্ছা জনায়। উল্লেখযোগ্য যে চিলাপথাৰ অঞ্চলটোত সাহিত্যৰ পথাৰখন আগুৱাই লৈ যোৱাৰ ক্ষেত্ৰত যোৱা নব্বৈ দশকৰ পৰা ভূৱন দাসে বিশেষ ভূমিকা গ্ৰহণ কৰি আহিছে। আনহাতে বিভিন্ন সামাজিক, সাহিত্য, সাংস্কৃতিক আদি অনুষ্ঠানত জড়িত আছে ভূৱন

বাতৰিকাকত বিলোৱা...

সুদীৰ্ঘ ৩৫ বছৰ ধৰি বাতৰিকাকত বিতৰণ কৰি পৰিয়ালৰ সমস্ত দায়িত্ব চম্ভালা বাতৰিকাকত বিতৰক নিৰঞ্জন বৈশ্যৰ একমাত্ৰ ল'ৰা গৌৰৱ বৈশ্য। অভাৱ-অনাটনৰ মাজেৰে পত্নী-ল'ৰা-ছোৱালী সহিতে চাৰিজনীয়া পৰিয়ালটোক পোহপাল দিয়া নিৰঞ্জন বৈশ্যই একমাত্ৰ বাতৰিকাকত বিতৰণ কৰি পোৱা টকাৰে পৰিয়ালটো চলাই আছে। কিন্তু আজিলৈ পোৱা নাই কোনো চৰকাৰী সুবিধা। তাৰ মাজতো একমাত্ৰ কন্যা স্নাতক ডিগ্ৰীধাৰী হোৱাৰ উপৰি একমাত্ৰ পুত্ৰই নামভৰ্তি কৰিলে এম বি বি এছত। গৌৰৱে বেলশৰ উচ্চতৰ মাধ্যমিক বিদ্যালয়ৰ পৰা ২০২১ চনত হাইস্কুল শিক্ষান্ত পৰীক্ষাত সুখ্যাতিৰে উত্তীৰ্ণ হোৱাৰ পিছত ২০২৩ চনত চামতাৰ ইডেন ভেলীৰ পৰা উচ্চতৰ মাধ্যমিক বিজ্ঞান শাখাত পঢ়ি প্ৰথম বিভাগত উত্তীৰ্ণ হৈ তেওঁ প্ৰস্তুতি আৰম্ভ কৰে নীট পৰীক্ষাৰ। সেই অনুসৰি

বেদখলকাৰীৰ কবলত...

মহাপুৰুষ শ্ৰীশ্ৰীদামোদৰদেৱৰ স্থাপিত শ্ৰীশ্ৰীপাটবাউসী সত্ৰ আৰু পাটবাউসী অঞ্চলৰ ঐতিহাসিক ফিঙুৱা-পৰুৱা বিলৰ ৯৬০ বিঘা ভূমিৰ অধিকাংশ ভূমি বেদখলকাৰীৰ কবলত পৰিছে। একেদৰে পাটবাউসী অঞ্চলৰ গান্ধী ৰিজাৰ্ভখনৰ সম্পূৰ্ণ ভূমি এতিয়া বেদখলকাৰীৰ কবলত বুলি উল্লেখ কৰে অসম জাতীয় মহাসভাৰ প্ৰধান সম্পাদকগৰাকীয়ে। তালুকদাৰে কয় যে বেদখলকাৰীৰ বাবেই পাটবাউসীৰ শ্ৰীমন্ত শংকৰদেৱ থান সত্ৰ, শ্ৰীশ্ৰীদামোদৰদেৱ সত্ৰলৈ বৃহৎ ভাবুকি আহি পৰিছে। আনহাতে, পৰিৱেশ নিকাকৰণৰ বাবে জৈৱ- বৈচিত্ৰ্যৰ ভাৰসাম্য বজাই ৰখাৰ স্বাৰ্থত চৰকাৰী ভূমি আৰু জলাশয়, বিল আদি সুৰক্ষা দিয়াৰ প্ৰয়োজন আহি পৰাৰ সময়তে পাটবাউসীৰ গান্ধী ৰিজাৰ্ভ আৰু ঐতিহাসিক ফিঙুৱা-পৰুৱা বিল বেদখলকাৰীৰ কবলত পৰা ঘটনা উদ্বেগজনক বুলি মন্তব্য কৰে তালুকদাৰে। সন্দেহযুক্ত লোকে উক্ত ৰিজাৰ্ভ আৰু বিল বেদখল কৰি থলুৱা মৎস্যজীৱী জনগণৰ জীৱন-জীৱিকাৰ প্ৰতি ভাবুকিৰ সৃষ্টি কৰিছে বুলি উল্লেখ কৰি অসম জাতীয় মহাসভাৰ প্ৰধান সম্পাদকগৰাকীয়ে কয় যে যোৱা কিছু দশকৰ পৰা ৯৬০ বিঘা ভূমিৰে আবৃত্ত ফিঙুৱা-পৰুৱা বিলটো ৰাজ্য চৰকাৰৰ মীন নিগমৰ অধীনত আছে যদিও পূৰ্বৰ নিগমৰ বিষয়া আৰু লেচিসকলৰ দুৰ্বলতাৰ সুযোগত অবৈধ বেদখলকাৰীৰ কবলত পৰি বিলখনৰ অস্তিত্ব হেৰাই যোৱাৰ উপক্ৰম হৈছে। মন কৰিবলগীয়া যে অবৈধভাৱে বিলৰ ভূমি দখল কৰা বেদখলকাৰীয়ে চৰকাৰী গৃহ, বিদ্যুৎ সংযোগ লাভ কৰা বুলিও অভিযোগ উত্থাপন কৰে তালুকদাৰে। অসম জাতীয় মহাসভাই দাবী উত্থাপন কৰিছে।

চফাই বাগিচা আদৰ্শ...

দিনত অৱস্থান ধৰ্মঘট উপনীত হোৱাৰ পিছতো জিলা প্ৰশাসন নতুবা শিক্ষা বিভাগৰ কোনো উচ্চপদস্থ বিষয়া অৱস্থানথলীত উপস্থিত নোহোৱাত গণতান্ত্ৰিকভাৱে গ্ৰহণ কৰা কাৰ্যসূচীকো ভেঙুচালি কৰিছে স্বয়ং গণতন্ত্ৰৰ ওপৰত প্ৰতিষ্ঠিত প্ৰশাসন যন্ত্ৰই। ইফালে শিক্ষক-কৰ্মচাৰীৰ এই অৱস্থান ধৰ্মঘট কাৰ্যসূচীত সহযোগ আগবঢ়াইছে বিদ্যালয়ৰ পৰিচালনা সমিতি, প্ৰাক্তন শিক্ষাৰ্থী সমাজ, স্থানীয় ৰাইজ আৰু বিভিন্ন দল- সংগঠনে। আনহাতে, আজি অৱস্থান ধৰ্মঘটস্থলীতে কেইবালানি সিদ্ধান্ত গ্ৰহণ কৰা হয়। সিদ্ধান্ত অনুসৰি শিক্ষাৰ্থীৰ ভৱিষ্যতৰ কথা আগত ৰাখি আগন্তুক হাইস্কুল শিক্ষান্ত পৰীক্ষাৰ প্ৰ-পত্ৰৰ কাম আগবঢ়াব শিক্ষক-কৰ্মচাৰীয়ে। অহা ৪ অক্টোবৰত জিলা আয়ুক্তক প্ৰতিবাদী কাৰ্যসূচীৰ বাবে এক অনুমতি পত্ৰ প্ৰেৰণ। অনুমতি পত্ৰত উল্লেখিত কাৰ্যসূচী অনুসৰি স্থানীয় ৰাইজ, দল-সংগঠন, প্ৰাক্তন শিক্ষাৰ্থী সমাজ সকলোৰে সহযোগত অহা ৮ নৱেম্বৰত বিদ্যালয়ৰ চৌহদৰ পৰা এক প্ৰতিবাদী সমদল পদব্ৰজে গৈ শিক্ষা বিভাগৰ কাৰ্যালয়ত উপস্থিত হৈ ধৰ্না প্ৰদৰ্শন আৰু স্মাৰক-পত্ৰ প্ৰদান কাৰ্যসূচী গ্ৰহণ কৰিব। ইফালে আজি এসপ্তাহ দিন শ্ৰেণী বৰ্জনৰ

তেজপুৰ চহৰৰ কালী...

মন্তব্য কৰাৰ লগতে পৰ্যটকসকলৰ বাবেও ই গুৰুত্বপূৰ্ণ হ'ব বুলি কয়। আনহাতে অনুষ্ঠানটিত উপস্থিত থকা শান্তনু বৰুৱাই কবিতাটোত তেজপুৰৰ পৌৰাণিক যুগৰ পৰা আধুনিক যুগৰ ইতিহাস তথ্যসহ দাঙি ধৰিবলৈ চেষ্টা কৰা হৈছে বুলি কৈ ৰামায়ণ -মহাভাৰত যিমানেই পুৰণি সিমানেই তেজপুৰ পুৰণি চহৰ বুলি মন্তব্য কৰে। উল্লেখ্য যে, উদযাপন সমিতিৰ সভাপতি সুজিত দাসৰ চিন্তা আৰু চেতনাৰে তেজপুৰৰ ইতিহাস অনুসন্ধিৎসু লেখক তথা অসমীয়া ভাষা উন্নতি সাধিনী সভাৰ সভাপতি শান্তনু বৰুৱা ৰচিত আৰু আবৃত্তিৰ এই বিশেষ কবিতাটোত সমগ্ৰ তেজপুৰৰ ইতিহাস তথ্যসহ প্ৰতিফলিত হৈছে। অসম সাহিত্য সভাৰ প্ৰাক্তন প্ৰধান সম্পাদক যাদৱ চন্দ্ৰ শৰ্মা , ‘অকণিৰ সাহিত্য সভা’ৰ সভাপতি পংকজ বৰুৱা, বাণ থিয়েটাৰৰ সংগীতাধিকাৰ জিণ্টু বৰঠাকুৰ আদি বিশেষ অতিথি
